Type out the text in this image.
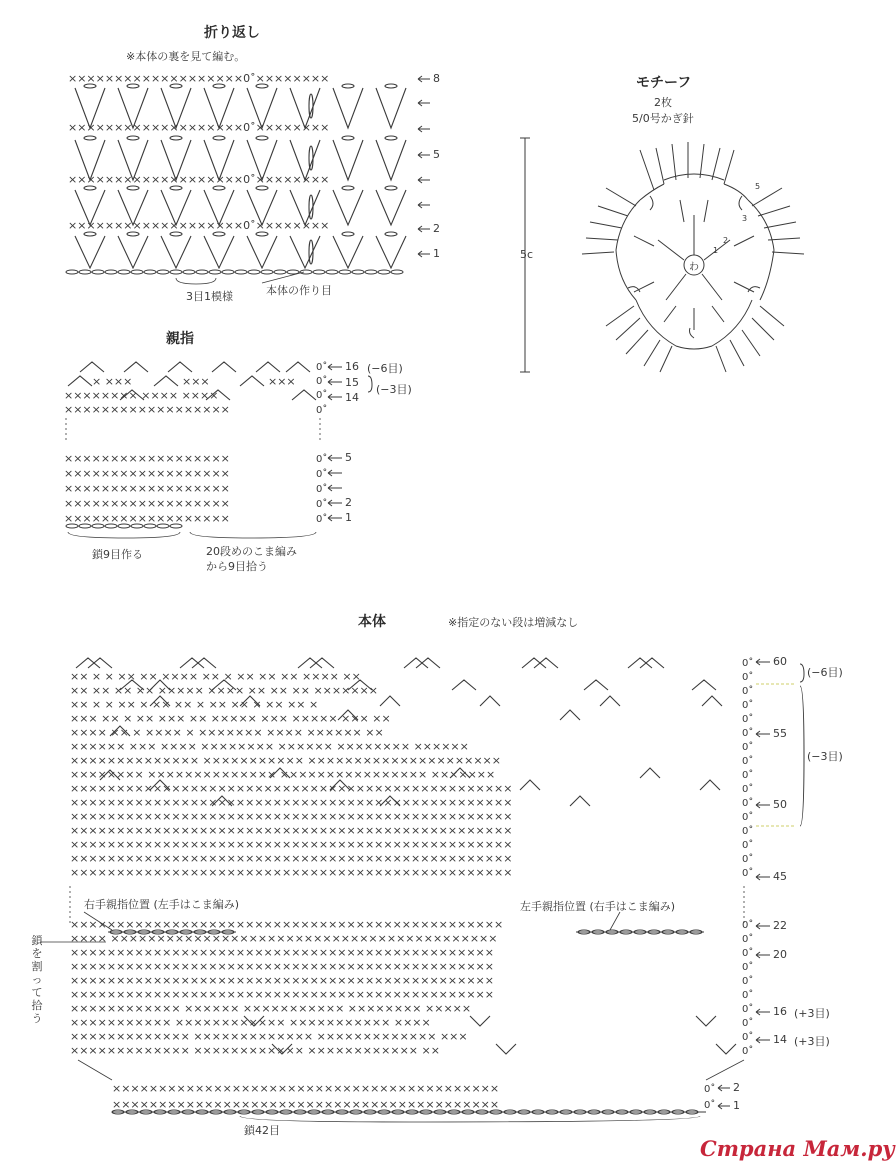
折り返し
※本体の裏を見て編む。
×××××××××××××××××××0˚××××××××
×××××××××××××××××××0˚××××××××
×××××××××××××××××××0˚××××××××
×××××××××××××××××××0˚××××××××
× ×××	×××	×××
×××××××× ×××× ××××
××××××××××××××××××
××××××××××××××××××
××××××××××××××××××
××××××××××××××××××
××××××××××××××××××
××××××××××××××××××
0˚
0˚
0˚
0˚
0˚
0˚
0˚
0˚
0˚
×× × × ×× ×× ×××× ×× × ×× ×× ×× ×××× ××
×× ×× ×× ×× ××××× ×××× ×× ×× ×× ×××××××
×× × × ×× × ×× ×× × ×× ×× × ×× ×× ×
××× ×× × ×× ××× ×× ××××× ××× ××××× ××× ××
×××× ×× × ×××× × ××××××× ×××× ×××××× ××
×××××× ××× ×××× ×××××××× ×××××× ×××××××× ××××××
×××××××××××××× ××××××××××× ×××××××××××××××××××××
×××××××× ×××××××××××××× ×××××××××××××××× ×××××××
××××××××××××××××××××××××××××××××××××××××××××××××
××××××××××××××××××××××××××××××××××××××××××××××××
××××××××××××××××××××××××××××××××××××××××××××××××
××××××××××××××××××××××××××××××××××××××××××××××××
××××××××××××××××××××××××××××××××××××××××××××××××
××××××××××××××××××××××××××××××××××××××××××××××××
××××××××××××××××××××××××××××××××××××××××××××××××
×××××××××××××××××××××××××××××××××××××××××××××××
×××× ××××××××××××××××××××××××××××××××××××××××××
××××××××××××××××××××××××××××××××××××××××××××××
××××××××××××××××××××××××××××××××××××××××××××××
××××××××××××××××××××××××××××××××××××××××××××××
××××××××××××××××××××××××××××××××××××××××××××××
×××××××××××× ×××××× ××××××××××× ×××××××× ×××××
××××××××××× ×××××××××××× ××××××××××× ××××
××××××××××××× ××××××××××××× ××××××××××××× ×××
××××××××××××× ×××××××××××× ×××××××××××× ××
××××××××××××××××××××××××××××××××××××××××××
××××××××××××××××××××××××××××××××××××××××××
0˚
0˚
0˚
0˚
0˚
0˚
0˚
0˚
0˚
0˚
0˚
0˚
0˚
0˚
0˚
0˚
0˚
0˚
0˚
0˚
0˚
0˚
0˚
0˚
0˚
0˚
0˚
0˚
8
5
2
1
3目1模様	本体の作り目
モチーフ
2枚
5/0号かぎ針
5c
わ
5
3
1
2
親指
16 (−6目)
15
(−3目)
14
5
2
1
鎖9目作る	20段めのこま編み
から9目拾う
本体	※指定のない段は増減なし
60
(−6目)
55
(−3目)
50
45
22
20
16 (+3目)
14 (+3目)
2
1
右手親指位置 (左手はこま編み)	左手親指位置 (右手はこま編み)
鎖を割って拾う
鎖42目
Страна Мам.ру
